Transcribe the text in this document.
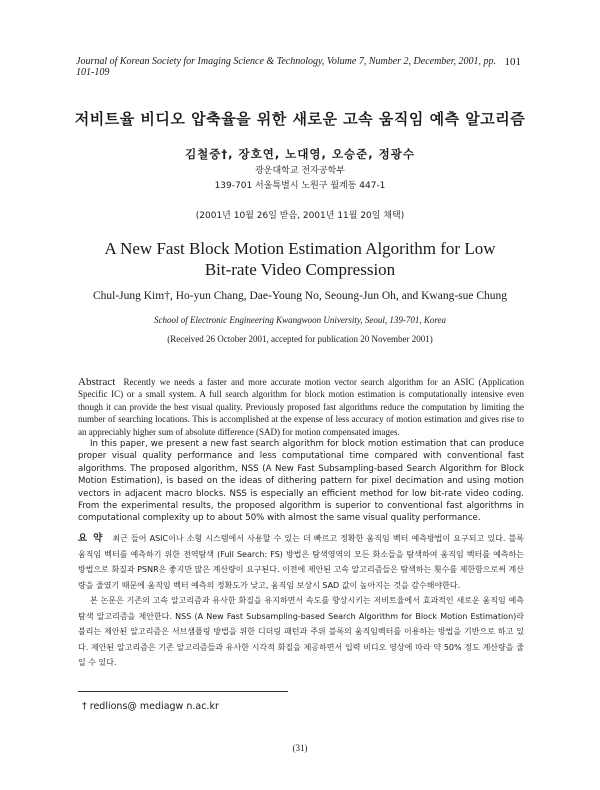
Journal of Korean Society for Imaging Science & Technology, Volume 7, Number 2, December, 2001, pp. 101-109
101
저비트율 비디오 압축율을 위한 새로운 고속 움직임 예측 알고리즘
김철중†, 장호연, 노대영, 오승준, 정광수
광운대학교 전자공학부
139-701 서울특별시 노원구 월계동 447-1
(2001년 10월 26일 받음, 2001년 11월 20일 채택)
A New Fast Block Motion Estimation Algorithm for Low
Bit-rate Video Compression
Chul-Jung Kim†, Ho-yun Chang, Dae-Young No, Seoung-Jun Oh, and Kwang-sue Chung
School of Electronic Engineering Kwangwoon University, Seoul, 139-701, Korea
(Received 26 October 2001, accepted for publication 20 November 2001)

Abstract Recently we needs a faster and more accurate motion vector search algorithm for an ASIC (Application Specific IC) or a small system. A full search algorithm for block motion estimation is computationally intensive even though it can provide the best visual quality. Previously proposed fast algorithms reduce the computation by limiting the number of searching locations. This is accomplished at the expense of less accuracy of motion estimation and gives rise to an appreciably higher sum of absolute difference (SAD) for motion compensated images.

In this paper, we present a new fast search algorithm for block motion estimation that can produce proper visual quality performance and less computational time compared with conventional fast algorithms. The proposed algorithm, NSS (A New Fast Subsampling-based Search Algorithm for Block Motion Estimation), is based on the ideas of dithering pattern for pixel decimation and using motion vectors in adjacent macro blocks. NSS is especially an efficient method for low bit-rate video coding. From the experimental results, the proposed algorithm is superior to conventional fast algorithms in computational complexity up to about 50% with almost the same visual quality performance.

요약 최근 들어 ASIC이나 소형 시스템에서 사용할 수 있는 더 빠르고 정확한 움직임 벡터 예측방법이 요구되고 있다. 블록 움직임 벡터를 예측하기 위한 전역탐색 (Full Search: FS) 방법은 탐색영역의 모든 화소들을 탐색하여 움직임 벡터를 예측하는 방법으로 화질과 PSNR은 좋지만 많은 계산량이 요구된다. 이전에 제안된 고속 알고리즘들은 탐색하는 횟수를 제한함으로써 계산량을 줄였기 때문에 움직임 벡터 예측의 정확도가 낮고, 움직임 보상시 SAD 값이 높아지는 것을 감수해야한다.

본 논문은 기존의 고속 알고리즘과 유사한 화질을 유지하면서 속도를 향상시키는 저비트율에서 효과적인 새로운 움직임 예측 탐색 알고리즘을 제안한다. NSS (A New Fast Subsampling-based Search Algorithm for Block Motion Estimation)라 불리는 제안된 알고리즘은 서브샘플링 방법을 위한 디더링 패턴과 주위 블록의 움직임벡터를 이용하는 방법을 기반으로 하고 있다. 제안된 알고리즘은 기존 알고리즘들과 유사한 시각적 화질을 제공하면서 입력 비디오 영상에 따라 약 50% 정도 계산량을 줄일 수 있다.

† redlions@ mediagw n.ac.kr
(31)
